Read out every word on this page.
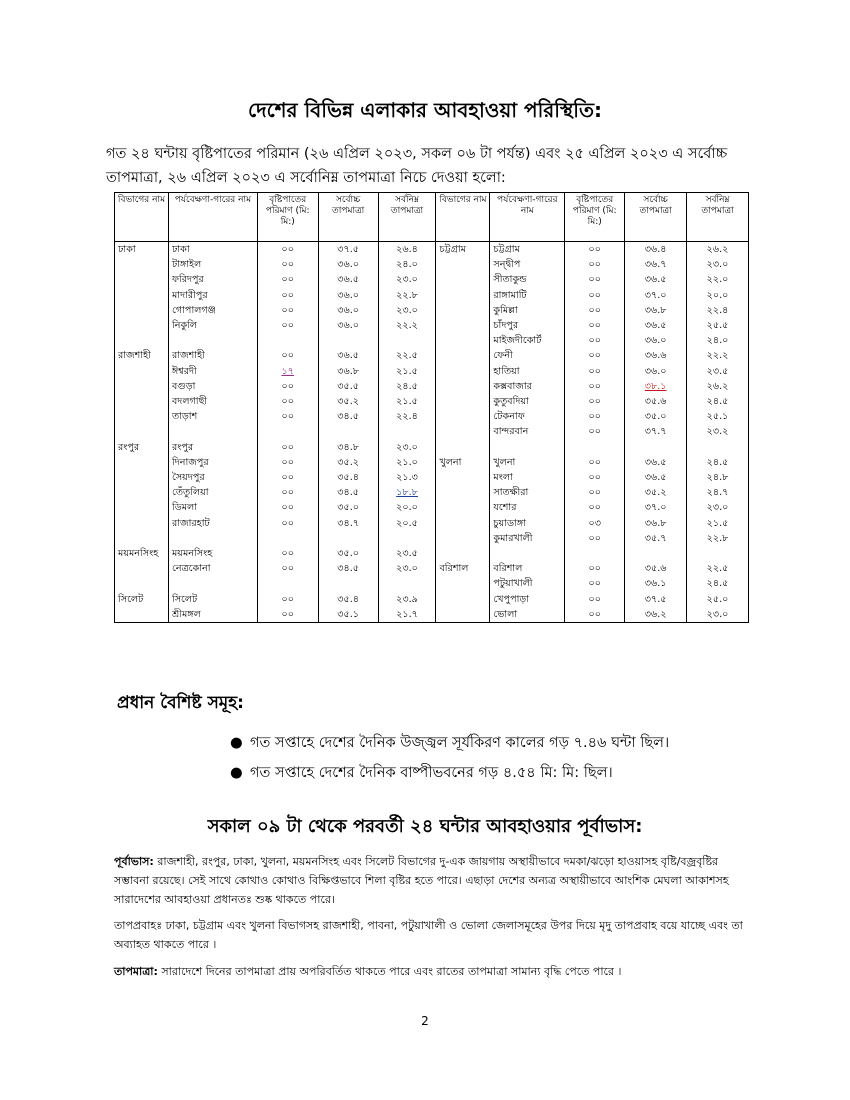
দেশের বিভিন্ন এলাকার আবহাওয়া পরিস্থিতি:
গত ২৪ ঘন্টায় বৃষ্টিপাতের পরিমান (২৬ এপ্রিল ২০২৩, সকল ০৬ টা পর্যন্ত) এবং ২৫ এপ্রিল ২০২৩ এ সর্বোচ্চ তাপমাত্রা, ২৬ এপ্রিল ২০২৩ এ সর্বোনিম্ন তাপমাত্রা নিচে দেওয়া হলো:
বিভাগের নাম	পর্যবেক্ষণা-গারের নাম	বৃষ্টিপাতের পরিমাণ (মি: মি:)	সর্বোচ্চ তাপমাত্রা	সর্বনিম্ন তাপমাত্রা	বিভাগের নাম	পর্যবেক্ষণা-গারের নাম	বৃষ্টিপাতের পরিমাণ (মি: মি:)	সর্বোচ্চ তাপমাত্রা	সর্বনিম্ন তাপমাত্রা
ঢাকা	ঢাকা	০০	৩৭.৫	২৬.৪	চট্টগ্রাম	চট্টগ্রাম	০০	৩৬.৪	২৬.২
	টাঙ্গাইল	০০	৩৬.০	২৪.০		সন্দ্বীপ	০০	৩৬.৭	২৩.০
	ফরিদপুর	০০	৩৬.৫	২৩.০		সীতাকুন্ড	০০	৩৬.৫	২২.০
	মাদারীপুর	০০	৩৬.০	২২.৮		রাঙ্গামাটি	০০	৩৭.০	২০.০
	গোপালগঞ্জ	০০	৩৬.০	২৩.০		কুমিল্লা	০০	৩৬.৮	২২.৪
	নিকুলি	০০	৩৬.০	২২.২		চাঁদপুর	০০	৩৬.৫	২৫.৫
						মাইজদীকোর্ট	০০	৩৬.০	২৪.০
রাজশাহী	রাজশাহী	০০	৩৬.৫	২২.৫		ফেনী	০০	৩৬.৬	২২.২
	ঈশ্বরদী	১৭	৩৬.৮	২১.৫		হাতিয়া	০০	৩৬.০	২৩.৫
	বগুড়া	০০	৩৫.৫	২৪.৫		কক্সবাজার	০০	৩৮.১	২৬.২
	বদলগাছী	০০	৩৫.২	২১.৫		কুতুবদিয়া	০০	৩৫.৬	২৪.৫
	তাড়াশ	০০	৩৪.৫	২২.৪		টেকনাফ	০০	৩৫.০	২৫.১
						বান্দরবান	০০	৩৭.৭	২৩.২
রংপুর	রংপুর	০০	৩৪.৮	২৩.০					
	দিনাজপুর	০০	৩৫.২	২১.০	খুলনা	খুলনা	০০	৩৬.৫	২৪.৫
	সৈয়দপুর	০০	৩৫.৪	২১.৩		মংলা	০০	৩৬.৫	২৪.৮
	তেঁতুলিয়া	০০	৩৪.৫	১৮.৮		সাতক্ষীরা	০০	৩৫.২	২৪.৭
	ডিমলা	০০	৩৫.০	২০.০		যশোর	০০	৩৭.০	২৩.০
	রাজারহাট	০০	৩৪.৭	২০.৫		চুয়াডাঙ্গা	০৩	৩৬.৮	২১.৫
						কুমারখালী	০০	৩৫.৭	২২.৮
ময়মনসিংহ	ময়মনসিংহ	০০	৩৫.০	২৩.৫					
	নেত্রকোনা	০০	৩৪.৫	২৩.০	বরিশাল	বরিশাল	০০	৩৫.৬	২২.৫
						পটুয়াখালী	০০	৩৬.১	২৪.৫
সিলেট	সিলেট	০০	৩৫.৪	২৩.৯		খেপুপাড়া	০০	৩৭.৫	২৫.০
	শ্রীমঙ্গল	০০	৩৫.১	২১.৭		ভোলা	০০	৩৬.২	২৩.০
প্রধান বৈশিষ্ট সমূহ:
● গত সপ্তাহে দেশের দৈনিক উজ্জ্বল সূর্যকিরণ কালের গড় ৭.৪৬ ঘন্টা ছিল।
● গত সপ্তাহে দেশের দৈনিক বাষ্পীভবনের গড় ৪.৫৪ মি: মি: ছিল।
সকাল ০৯ টা থেকে পরবর্তী ২৪ ঘন্টার আবহাওয়ার পূর্বাভাস:
পূর্বাভাস: রাজশাহী, রংপুর, ঢাকা, খুলনা, ময়মনসিংহ এবং সিলেট বিভাগের দু-এক জায়গায় অস্থায়ীভাবে দমকা/ঝড়ো হাওয়াসহ বৃষ্টি/বজ্রবৃষ্টির সম্ভাবনা রয়েছে। সেই সাথে কোথাও কোথাও বিক্ষিপ্তভাবে শিলা বৃষ্টির হতে পারে। এছাড়া দেশের অন্যত্র অস্থায়ীভাবে আংশিক মেঘলা আকাশসহ সারাদেশের আবহাওয়া প্রধানতঃ শুষ্ক থাকতে পারে।
তাপপ্রবাহঃ ঢাকা, চট্টগ্রাম এবং খুলনা বিভাগসহ রাজশাহী, পাবনা, পটুয়াখালী ও ভোলা জেলাসমূহের উপর দিয়ে মৃদু তাপপ্রবাহ বয়ে যাচ্ছে এবং তা অব্যাহত থাকতে পারে ।
তাপমাত্রা: সারাদেশে দিনের তাপমাত্রা প্রায় অপরিবর্তিত থাকতে পারে এবং রাতের তাপমাত্রা সামান্য বৃদ্ধি পেতে পারে ।
2
